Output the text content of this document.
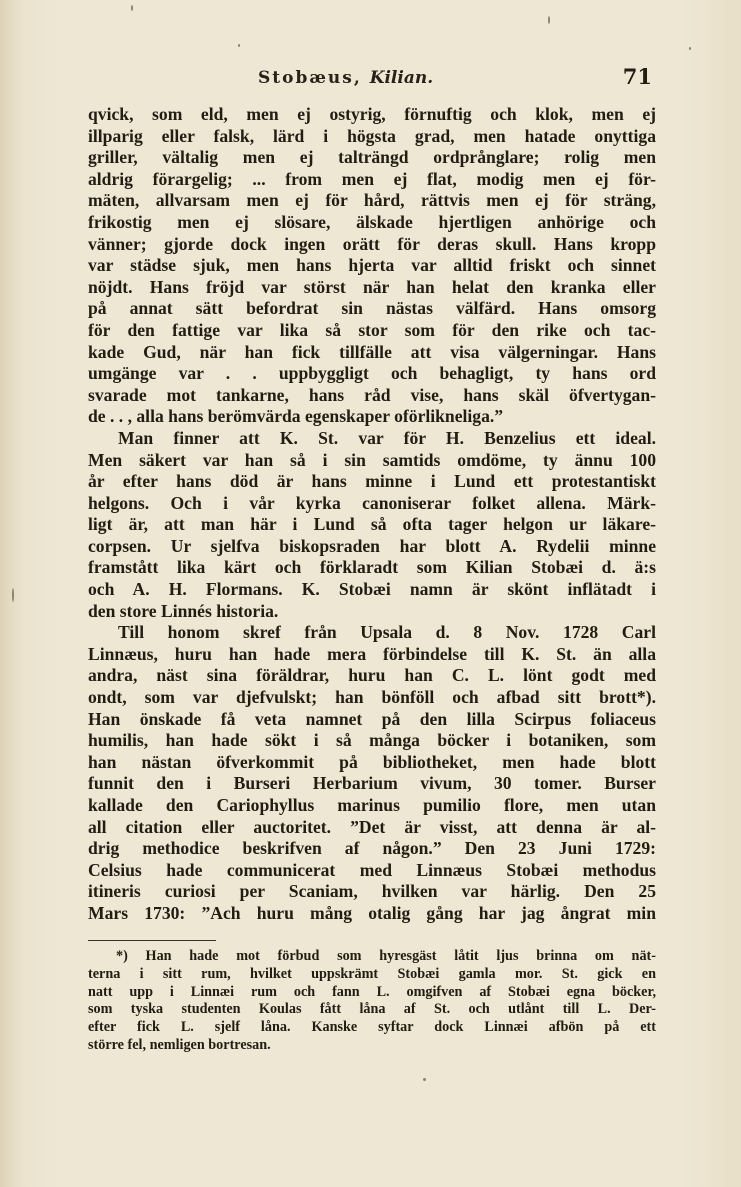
Stobæus, Kilian.	71
qvick, som eld, men ej ostyrig, förnuftig och klok, men ej
illparig eller falsk, lärd i högsta grad, men hatade onyttiga
griller, vältalig men ej talträngd ordprånglare; rolig men
aldrig förargelig; ... from men ej flat, modig men ej för-
mäten, allvarsam men ej för hård, rättvis men ej för sträng,
frikostig men ej slösare, älskade hjertligen anhörige och
vänner; gjorde dock ingen orätt för deras skull. Hans kropp
var städse sjuk, men hans hjerta var alltid friskt och sinnet
nöjdt. Hans fröjd var störst när han helat den kranka eller
på annat sätt befordrat sin nästas välfärd. Hans omsorg
för den fattige var lika så stor som för den rike och tac-
kade Gud, när han fick tillfälle att visa välgerningar. Hans
umgänge var . . uppbyggligt och behagligt, ty hans ord
svarade mot tankarne, hans råd vise, hans skäl öfvertygan-
de . . , alla hans berömvärda egenskaper oförlikneliga.”
Man finner att K. St. var för H. Benzelius ett ideal.
Men säkert var han så i sin samtids omdöme, ty ännu 100
år efter hans död är hans minne i Lund ett protestantiskt
helgons. Och i vår kyrka canoniserar folket allena. Märk-
ligt är, att man här i Lund så ofta tager helgon ur läkare-
corpsen. Ur sjelfva biskopsraden har blott A. Rydelii minne
framstått lika kärt och förklaradt som Kilian Stobæi d. ä:s
och A. H. Flormans. K. Stobæi namn är skönt inflätadt i
den store Linnés historia.
Till honom skref från Upsala d. 8 Nov. 1728 Carl
Linnæus, huru han hade mera förbindelse till K. St. än alla
andra, näst sina föräldrar, huru han C. L. lönt godt med
ondt, som var djefvulskt; han bönföll och afbad sitt brott*).
Han önskade få veta namnet på den lilla Scirpus foliaceus
humilis, han hade sökt i så många böcker i botaniken, som
han nästan öfverkommit på bibliotheket, men hade blott
funnit den i Burseri Herbarium vivum, 30 tomer. Burser
kallade den Cariophyllus marinus pumilio flore, men utan
all citation eller auctoritet. ”Det är visst, att denna är al-
drig methodice beskrifven af någon.” Den 23 Juni 1729:
Celsius hade communicerat med Linnæus Stobæi methodus
itineris curiosi per Scaniam, hvilken var härlig. Den 25
Mars 1730: ”Ach huru mång otalig gång har jag ångrat min
*) Han hade mot förbud som hyresgäst låtit ljus brinna om nät-
terna i sitt rum, hvilket uppskrämt Stobæi gamla mor. St. gick en
natt upp i Linnæi rum och fann L. omgifven af Stobæi egna böcker,
som tyska studenten Koulas fått låna af St. och utlånt till L. Der-
efter fick L. sjelf låna. Kanske syftar dock Linnæi afbön på ett
större fel, nemligen bortresan.
